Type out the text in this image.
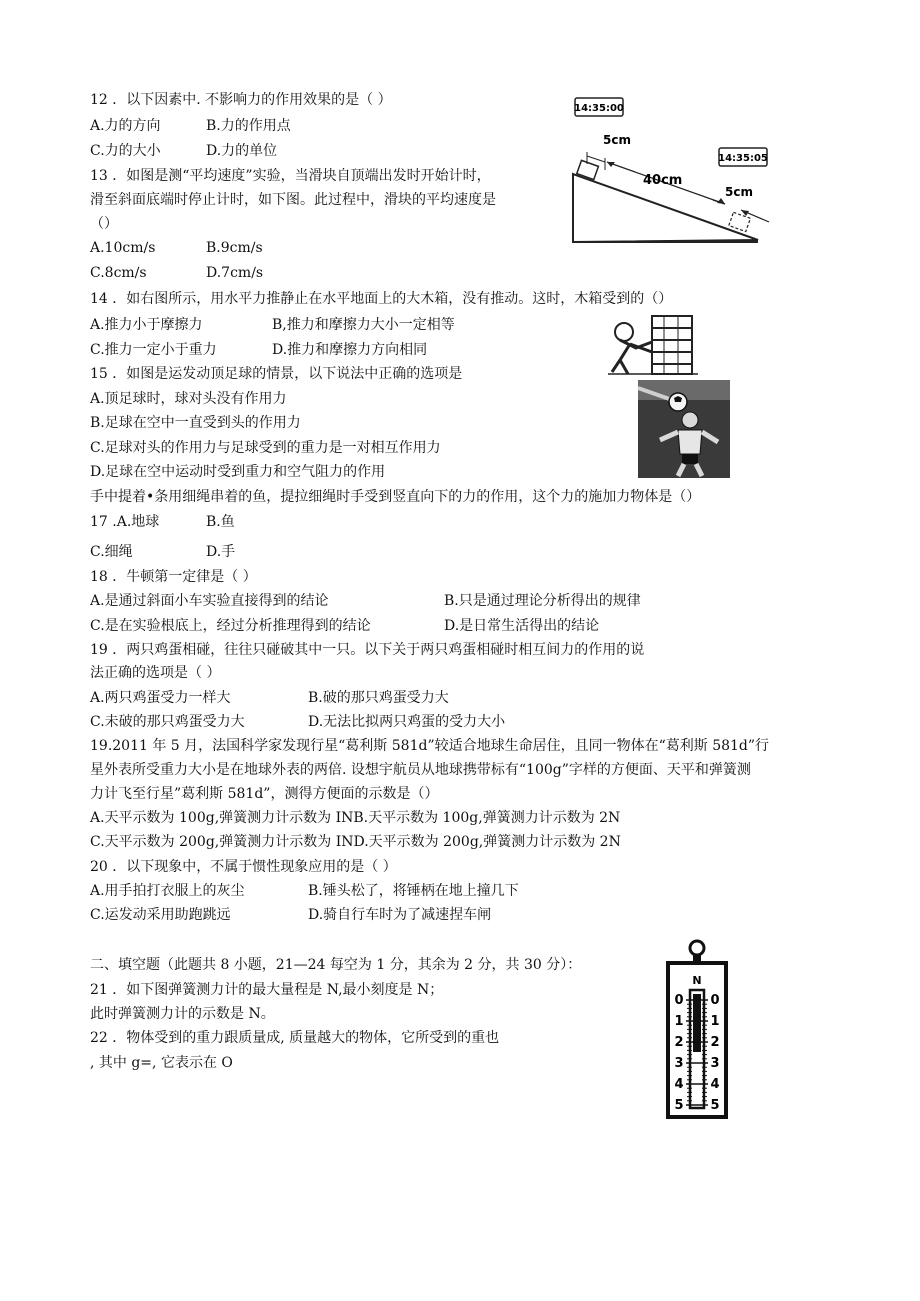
12 ．以下因素中. 不影响力的作用效果的是（ ）
A.力的方向	B.力的作用点
C.力的大小	D.力的单位
13 ．如图是测“平均速度”实验，当滑块自顶端出发时开始计时，
滑至斜面底端时停止计时，如下图。此过程中，滑块的平均速度是
（）
A.10cm∕s	B.9cm∕s
C.8cm∕s	D.7cm∕s
14:35:00
14:35:05
5cm
40cm
5cm
14 ．如右图所示，用水平力推静止在水平地面上的大木箱，没有推动。这时，木箱受到的（）
A.推力小于摩擦力	B,推力和摩擦力大小一定相等
C.推力一定小于重力	D.推力和摩擦力方向相同
15 ．如图是运发动顶足球的情景，以下说法中正确的选项是
A.顶足球时，球对头没有作用力
B.足球在空中一直受到头的作用力
C.足球对头的作用力与足球受到的重力是一对相互作用力
D.足球在空中运动时受到重力和空气阻力的作用
手中提着•条用细绳串着的鱼，提拉细绳时手受到竖直向下的力的作用，这个力的施加力物体是（）
17 .A.地球	B.鱼
C.细绳	D.手
18 ．牛顿第一定律是（ ）
A.是通过斜面小车实验直接得到的结论	B.只是通过理论分析得出的规律
C.是在实验根底上，经过分析推理得到的结论	D.是日常生活得出的结论
19 ．两只鸡蛋相碰，往往只碰破其中一只。以下关于两只鸡蛋相碰时相互间力的作用的说
法正确的选项是（ ）
A.两只鸡蛋受力一样大	B.破的那只鸡蛋受力大
C.未破的那只鸡蛋受力大	D.无法比拟两只鸡蛋的受力大小
19.2011 年 5 月，法国科学家发现行星“葛利斯 581d”较适合地球生命居住，且同一物体在“葛利斯 581d”行
星外表所受重力大小是在地球外表的两倍. 设想宇航员从地球携带标有“100g”字样的方便面、天平和弹簧测
力计飞至行星”葛利斯 581d”，测得方便面的示数是（）
A.天平示数为 100g,弹簧测力计示数为 INB.天平示数为 100g,弹簧测力计示数为 2N
C.天平示数为 200g,弹簧测力计示数为 IND.天平示数为 200g,弹簧测力计示数为 2N
20 ．以下现象中，不属于惯性现象应用的是（ ）
A.用手拍打衣服上的灰尘	B.锤头松了，将锤柄在地上撞几下
C.运发动采用助跑跳远	D.骑自行车时为了减速捏车闸
二、填空题（此题共 8 小题，21—24 每空为 1 分，其余为 2 分，共 30 分）：
21 ．如下图弹簧测力计的最大量程是 N,最小刻度是 N；
此时弹簧测力计的示数是 N。
22 ．物体受到的重力跟质量成, 质量越大的物体，它所受到的重也
, 其中 g=, 它表示在 O
N
0 0
1 1
2 2
3 3
4 4
5 5
